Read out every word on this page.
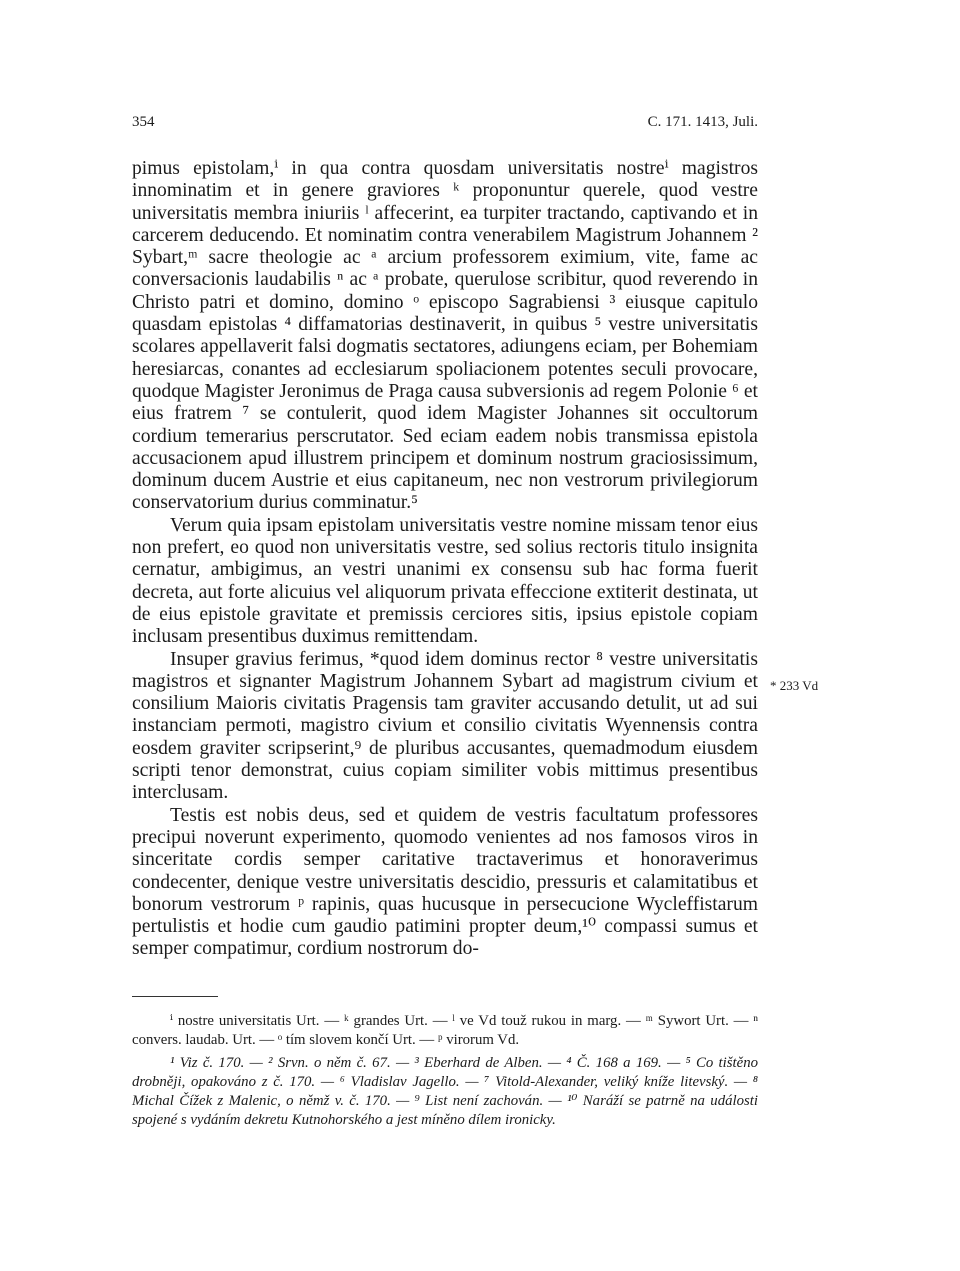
354	C. 171. 1413, Juli.

pimus epistolam,ⁱ in qua contra quosdam universitatis nostreⁱ magistros innominatim et in genere graviores ᵏ proponuntur querele, quod vestre universitatis membra iniuriis ˡ affecerint, ea turpiter tractando, captivando et in carcerem deducendo. Et nominatim contra venerabilem Magistrum Johannem ² Sybart,ᵐ sacre theologie ac ᵃ arcium professorem eximium, vite, fame ac conversacionis laudabilis ⁿ ac ᵃ probate, querulose scribitur, quod reverendo in Christo patri et domino, domino ᵒ episcopo Sagrabiensi ³ eiusque capitulo quasdam epistolas ⁴ diffamatorias destinaverit, in quibus ⁵ vestre universitatis scolares appellaverit falsi dogmatis sectatores, adiungens eciam, per Bohemiam heresiarcas, conantes ad ecclesiarum spoliacionem potentes seculi provocare, quodque Magister Jeronimus de Praga causa subversionis ad regem Polonie ⁶ et eius fratrem ⁷ se contulerit, quod idem Magister Johannes sit occultorum cordium temerarius perscrutator. Sed eciam eadem nobis transmissa epistola accusacionem apud illustrem principem et dominum nostrum graciosissimum, dominum ducem Austrie et eius capitaneum, nec non vestrorum privilegiorum conservatorium durius comminatur.⁵

Verum quia ipsam epistolam universitatis vestre nomine missam tenor eius non prefert, eo quod non universitatis vestre, sed solius rectoris titulo insignita cernatur, ambigimus, an vestri unanimi ex consensu sub hac forma fuerit decreta, aut forte alicuius vel aliquorum privata effeccione extiterit destinata, ut de eius epistole gravitate et premissis cerciores sitis, ipsius epistole copiam inclusam presentibus duximus remittendam.

Insuper gravius ferimus, *quod idem dominus rector ⁸ vestre universitatis magistros et signanter Magistrum Johannem Sybart ad magistrum civium et consilium Maioris civitatis Pragensis tam graviter accusando detulit, ut ad sui instanciam permoti, magistro civium et consilio civitatis Wyennensis contra eosdem graviter scripserint,⁹ de pluribus accusantes, quemadmodum eiusdem scripti tenor demonstrat, cuius copiam similiter vobis mittimus presentibus interclusam.

Testis est nobis deus, sed et quidem de vestris facultatum professores precipui noverunt experimento, quomodo venientes ad nos famosos viros in sinceritate cordis semper caritative tractaverimus et honoraverimus condecenter, denique vestre universitatis descidio, pressuris et calamitatibus et bonorum vestrorum ᵖ rapinis, quas hucusque in persecucione Wycleffistarum pertulistis et hodie cum gaudio patimini propter deum,¹⁰ compassi sumus et semper compatimur, cordium nostrorum do-

* 233 Vd

ⁱ nostre universitatis Urt. — ᵏ grandes Urt. — ˡ ve Vd touž rukou in marg. — ᵐ Sywort Urt. — ⁿ convers. laudab. Urt. — ᵒ tím slovem končí Urt. — ᵖ virorum Vd.

¹ Viz č. 170. — ² Srvn. o něm č. 67. — ³ Eberhard de Alben. — ⁴ Č. 168 a 169. — ⁵ Co tištěno drobněji, opakováno z č. 170. — ⁶ Vladislav Jagello. — ⁷ Vitold-Alexander, veliký kníže litevský. — ⁸ Michal Čížek z Malenic, o němž v. č. 170. — ⁹ List není zachován. — ¹⁰ Naráží se patrně na události spojené s vydáním dekretu Kutnohorského a jest míněno dílem ironicky.
